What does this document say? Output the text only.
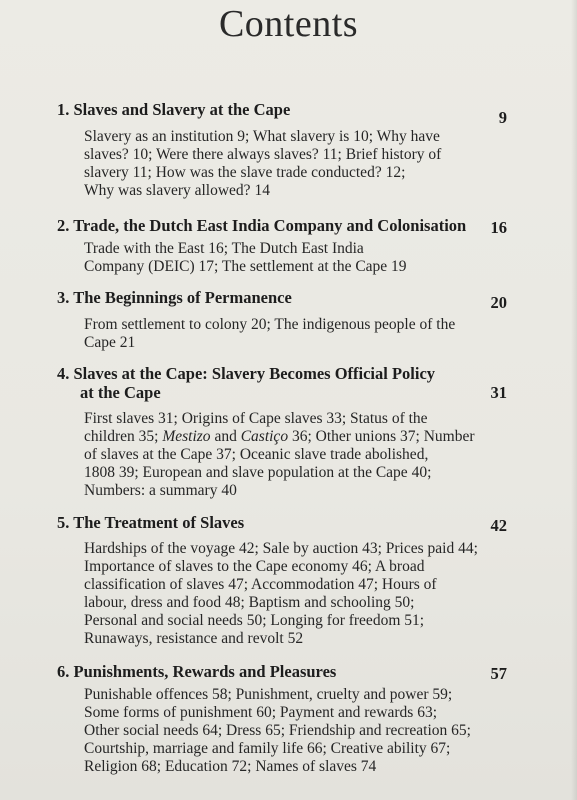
Contents
1. Slaves and Slavery at the Cape	9
Slavery as an institution 9; What slavery is 10; Why have
slaves? 10; Were there always slaves? 11; Brief history of
slavery 11; How was the slave trade conducted? 12;
Why was slavery allowed? 14
2. Trade, the Dutch East India Company and Colonisation 16
Trade with the East 16; The Dutch East India
Company (DEIC) 17; The settlement at the Cape 19
3. The Beginnings of Permanence	20
From settlement to colony 20; The indigenous people of the
Cape 21
4. Slaves at the Cape: Slavery Becomes Official Policy
at the Cape	31
First slaves 31; Origins of Cape slaves 33; Status of the
children 35; Mestizo and Castiço 36; Other unions 37; Number
of slaves at the Cape 37; Oceanic slave trade abolished,
1808 39; European and slave population at the Cape 40;
Numbers: a summary 40
5. The Treatment of Slaves	42
Hardships of the voyage 42; Sale by auction 43; Prices paid 44;
Importance of slaves to the Cape economy 46; A broad
classification of slaves 47; Accommodation 47; Hours of
labour, dress and food 48; Baptism and schooling 50;
Personal and social needs 50; Longing for freedom 51;
Runaways, resistance and revolt 52
6. Punishments, Rewards and Pleasures	57
Punishable offences 58; Punishment, cruelty and power 59;
Some forms of punishment 60; Payment and rewards 63;
Other social needs 64; Dress 65; Friendship and recreation 65;
Courtship, marriage and family life 66; Creative ability 67;
Religion 68; Education 72; Names of slaves 74
